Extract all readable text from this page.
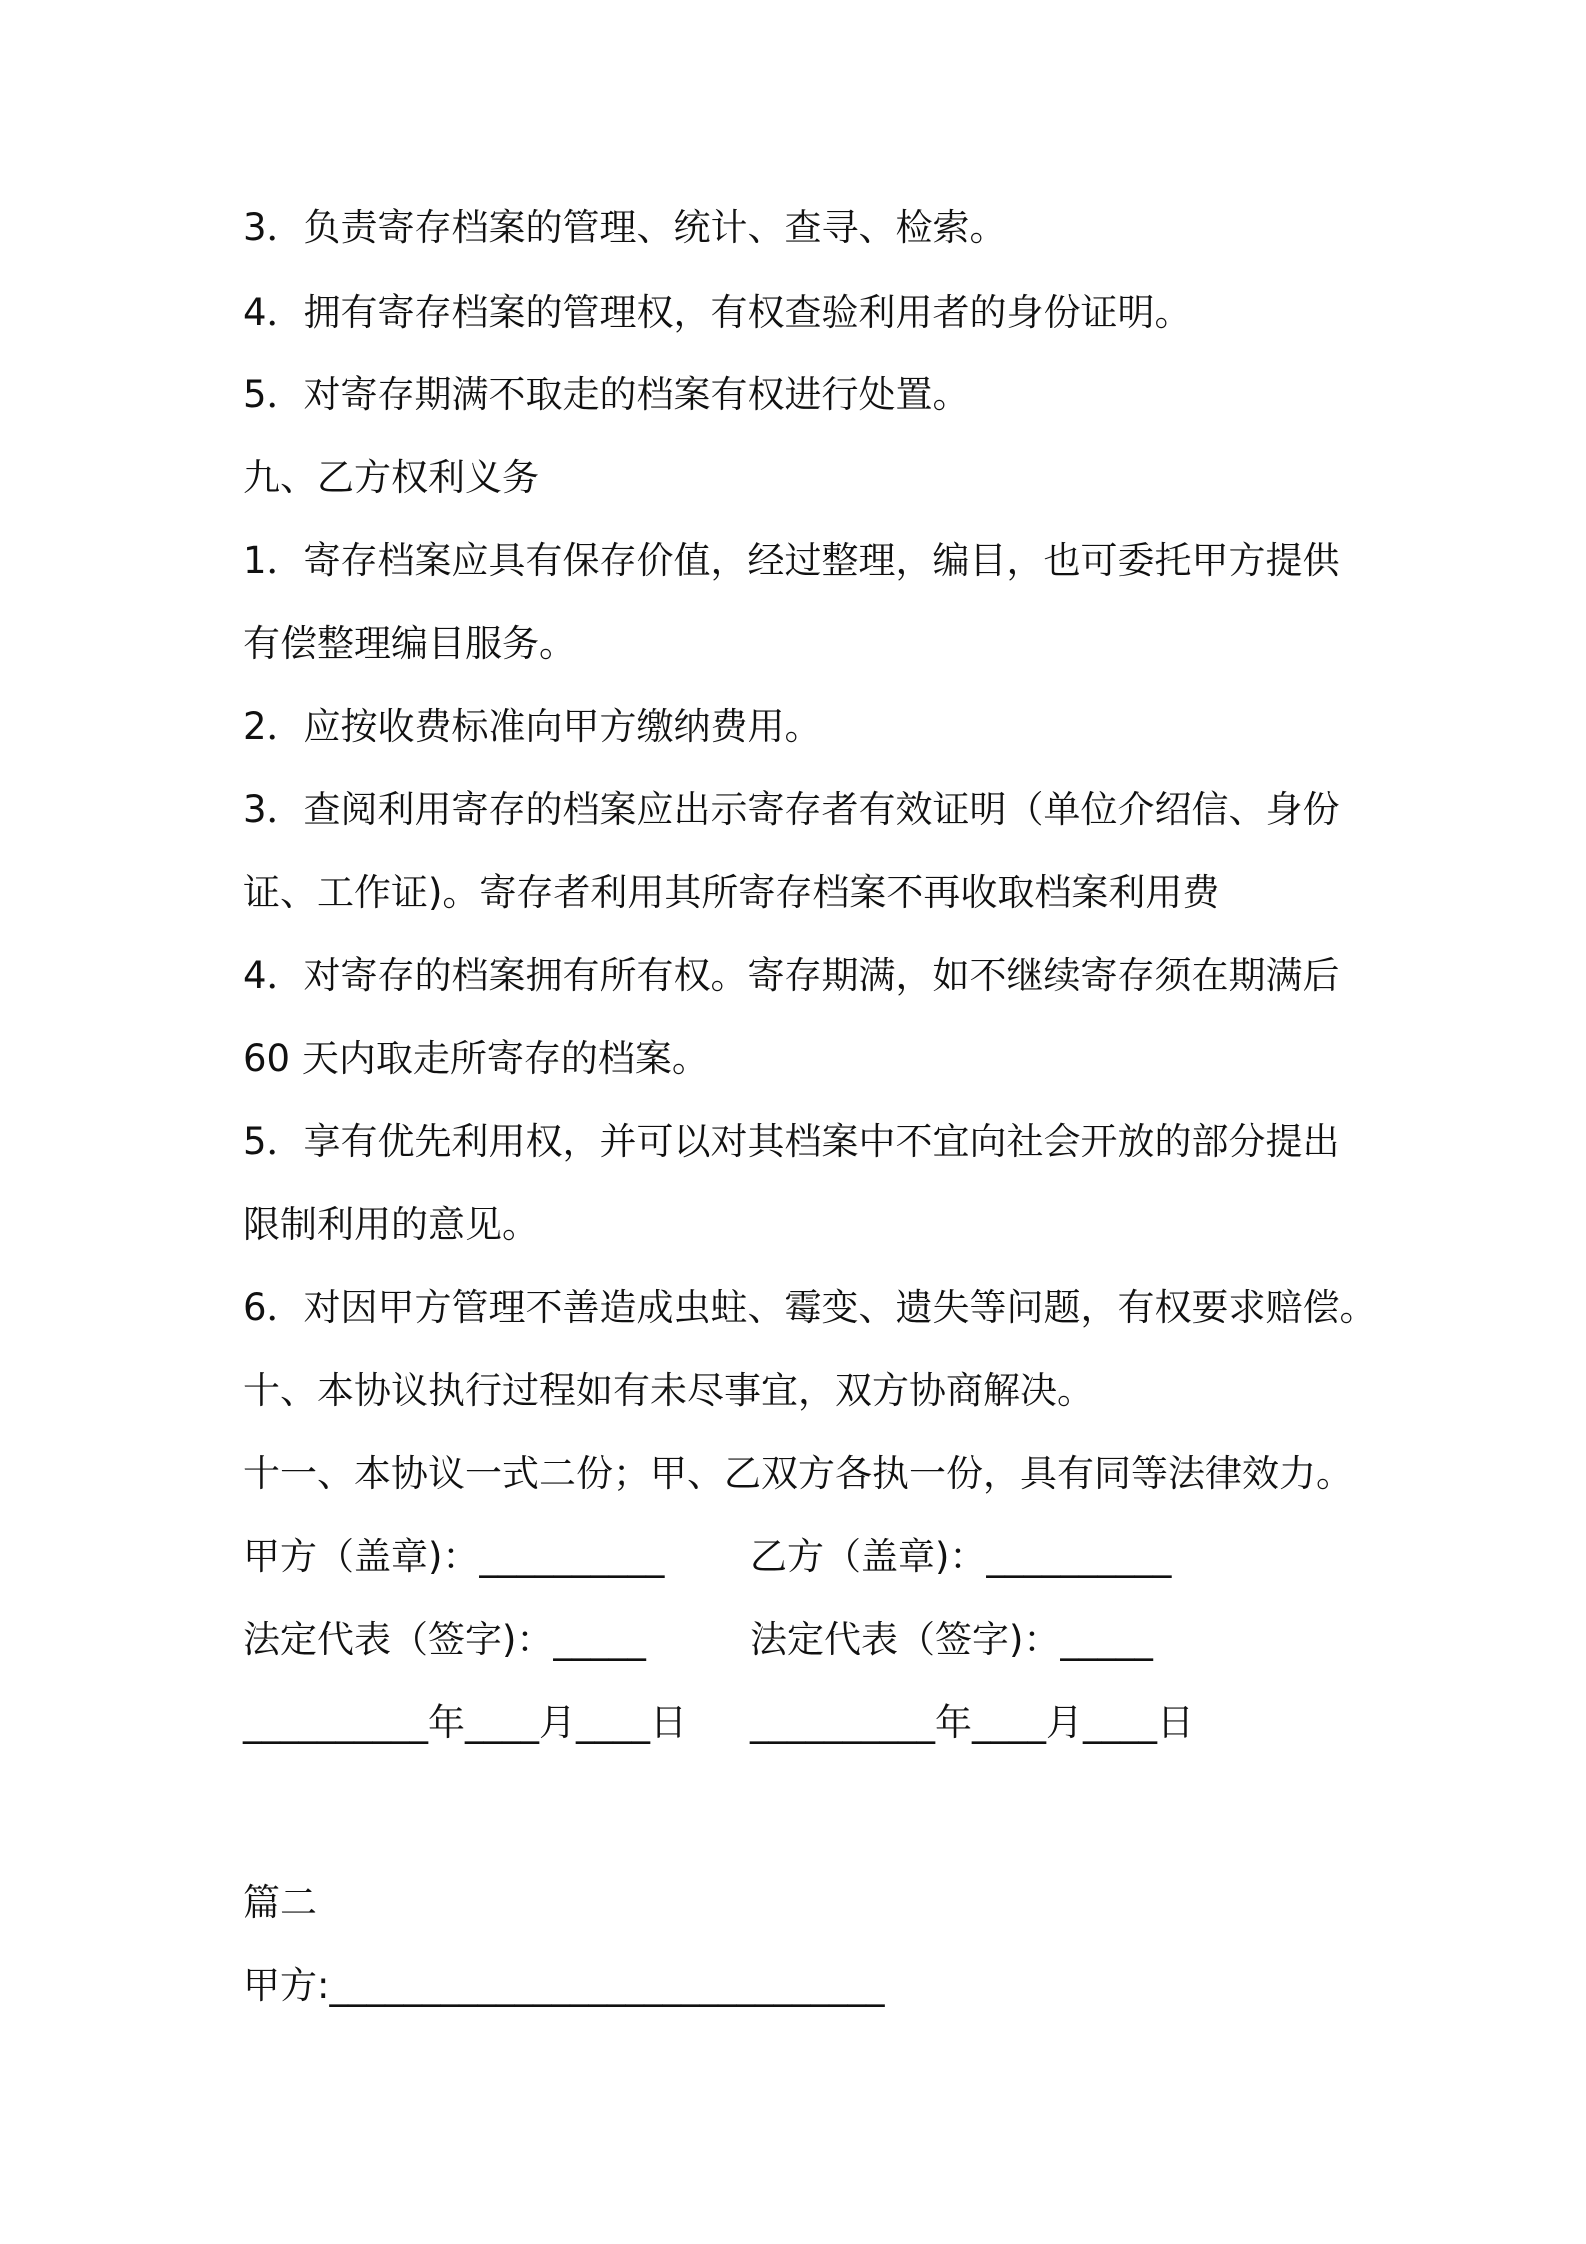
3．负责寄存档案的管理、统计、查寻、检索。
4．拥有寄存档案的管理权，有权查验利用者的身份证明。
5．对寄存期满不取走的档案有权进行处置。
九、乙方权利义务
1．寄存档案应具有保存价值，经过整理，编目，也可委托甲方提供
有偿整理编目服务。
2．应按收费标准向甲方缴纳费用。
3．查阅利用寄存的档案应出示寄存者有效证明（单位介绍信、身份
证、工作证)。寄存者利用其所寄存档案不再收取档案利用费
4．对寄存的档案拥有所有权。寄存期满，如不继续寄存须在期满后
60 天内取走所寄存的档案。
5．享有优先利用权，并可以对其档案中不宜向社会开放的部分提出
限制利用的意见。
6．对因甲方管理不善造成虫蛀、霉变、遗失等问题，有权要求赔偿。
十、本协议执行过程如有未尽事宜，双方协商解决。
十一、本协议一式二份；甲、乙双方各执一份，具有同等法律效力。
甲方（盖章)：__________ 乙方（盖章)：__________
法定代表（签字)：_____	法定代表（签字)：_____
__________年____月____日 __________年____月____日
篇二
甲方:______________________________
